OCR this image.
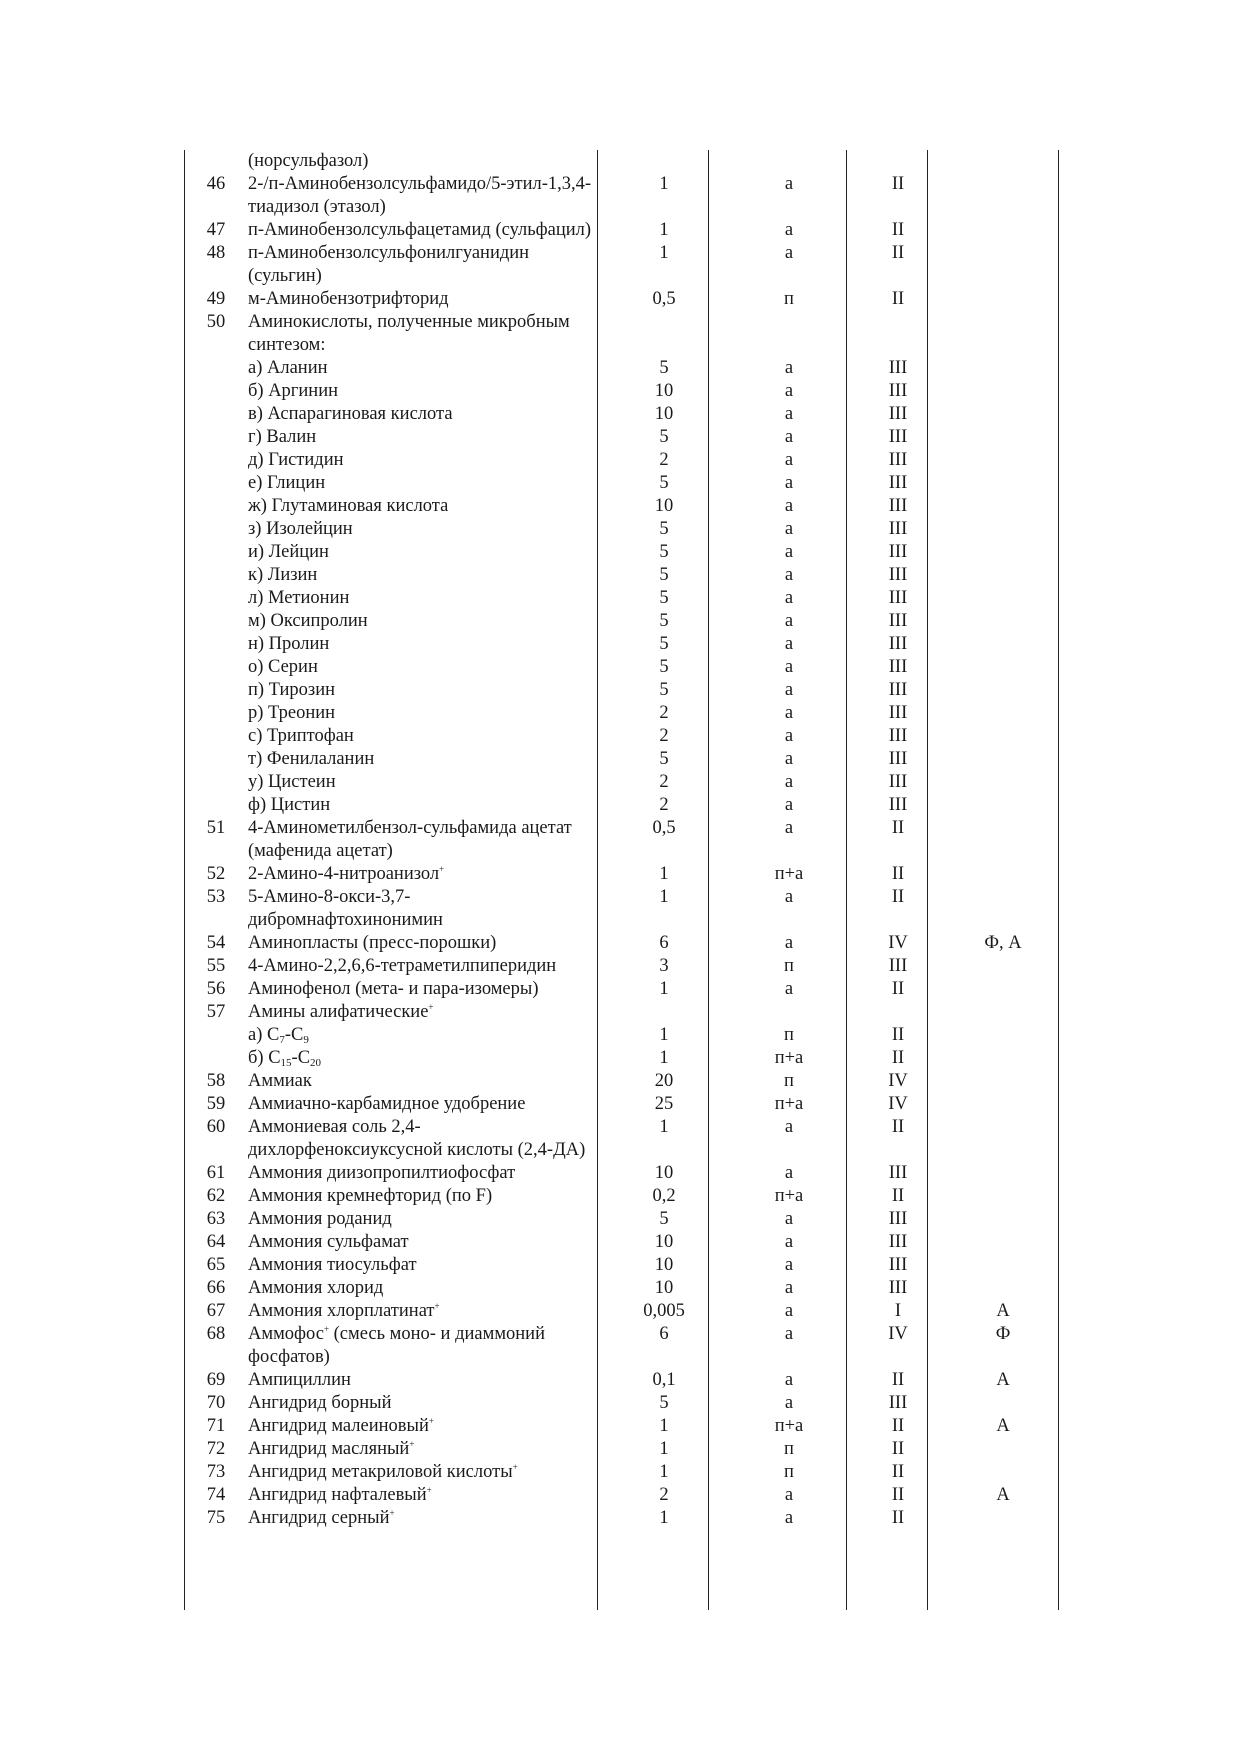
	(норсульфазол)				
46	2-/п-Аминобензолсульфамидо/5-этил-1,3,4-тиадизол (этазол)	1	а	II	
47	п-Аминобензолсульфацетамид (сульфацил)	1	а	II	
48	п-Аминобензолсульфонилгуанидин (сульгин)	1	а	II	
49	м-Аминобензотрифторид	0,5	п	II	
50	Аминокислоты, полученные микробным синтезом:				
	а) Аланин	5	а	III	
	б) Аргинин	10	а	III	
	в) Аспарагиновая кислота	10	а	III	
	г) Валин	5	а	III	
	д) Гистидин	2	а	III	
	е) Глицин	5	а	III	
	ж) Глутаминовая кислота	10	а	III	
	з) Изолейцин	5	а	III	
	и) Лейцин	5	а	III	
	к) Лизин	5	а	III	
	л) Метионин	5	а	III	
	м) Оксипролин	5	а	III	
	н) Пролин	5	а	III	
	о) Серин	5	а	III	
	п) Тирозин	5	а	III	
	р) Треонин	2	а	III	
	с) Триптофан	2	а	III	
	т) Фенилаланин	5	а	III	
	у) Цистеин	2	а	III	
	ф) Цистин	2	а	III	
51	4-Аминометилбензол-сульфамида ацетат (мафенида ацетат)	0,5	а	II	
52	2-Амино-4-нитроанизол+	1	п+а	II	
53	5-Амино-8-окси-3,7-дибромнафтохинонимин	1	а	II	
54	Аминопласты (пресс-порошки)	6	а	IV	Ф, А
55	4-Амино-2,2,6,6-тетраметилпиперидин	3	п	III	
56	Аминофенол (мета- и пара-изомеры)	1	а	II	
57	Амины алифатические+				
	а) $C_7-C_9$	1	п	II	
	б) $C_{15}-C_{20}$	1	п+а	II	
58	Аммиак	20	п	IV	
59	Аммиачно-карбамидное удобрение	25	п+а	IV	
60	Аммониевая соль 2,4-дихлорфеноксиуксусной кислоты (2,4-ДА)	1	а	II	
61	Аммония диизопропилтиофосфат	10	а	III	
62	Аммония кремнефторид (по F)	0,2	п+а	II	
63	Аммония роданид	5	а	III	
64	Аммония сульфамат	10	а	III	
65	Аммония тиосульфат	10	а	III	
66	Аммония хлорид	10	а	III	
67	Аммония хлорплатинат+	0,005	а	I	А
68	Аммофос+ (смесь моно- и диаммоний фосфатов)	6	а	IV	Ф
69	Ампициллин	0,1	а	II	А
70	Ангидрид борный	5	а	III	
71	Ангидрид малеиновый+	1	п+а	II	А
72	Ангидрид масляный+	1	п	II	
73	Ангидрид метакриловой кислоты+	1	п	II	
74	Ангидрид нафталевый+	2	а	II	А
75	Ангидрид серный+	1	а	II	
